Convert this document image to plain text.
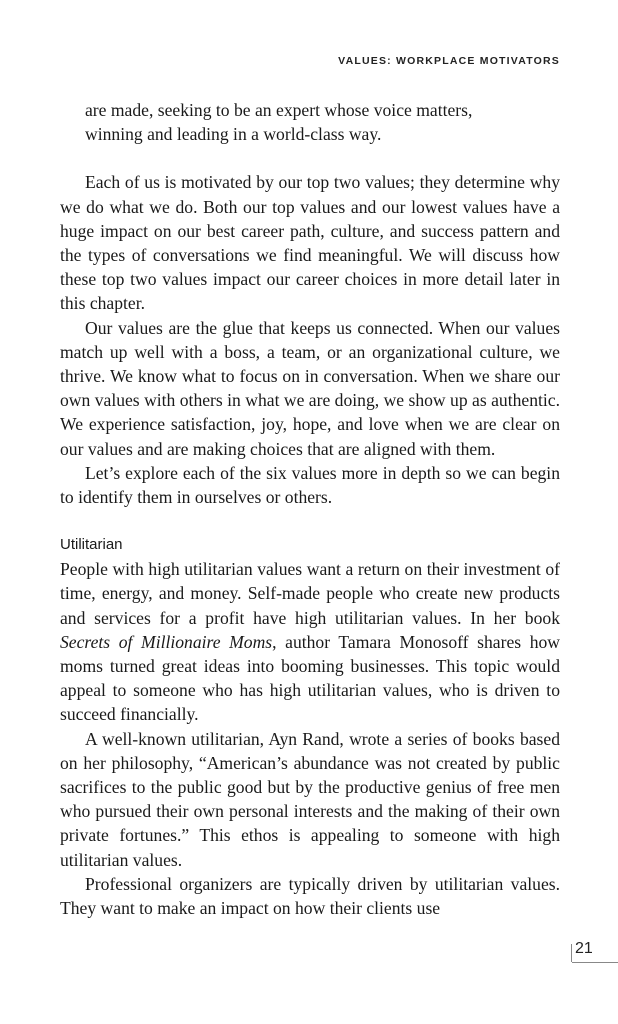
VALUES: WORKPLACE MOTIVATORS

are made, seeking to be an expert whose voice matters,

winning and leading in a world-class way.

Each of us is motivated by our top two values; they determine why we do what we do. Both our top values and our lowest values have a huge impact on our best career path, culture, and success pattern and the types of conversations we find meaningful. We will discuss how these top two values impact our career choices in more detail later in this chapter.

Our values are the glue that keeps us connected. When our values match up well with a boss, a team, or an organizational culture, we thrive. We know what to focus on in conversation. When we share our own values with others in what we are doing, we show up as authentic. We experience satisfaction, joy, hope, and love when we are clear on our values and are making choices that are aligned with them.

Let’s explore each of the six values more in depth so we can begin to identify them in ourselves or others.

Utilitarian

People with high utilitarian values want a return on their investment of time, energy, and money. Self-made people who create new products and services for a profit have high utilitarian values. In her book Secrets of Millionaire Moms, author Tamara Monosoff shares how moms turned great ideas into booming businesses. This topic would appeal to someone who has high utilitarian values, who is driven to succeed financially.

A well-known utilitarian, Ayn Rand, wrote a series of books based on her philosophy, “American’s abundance was not created by public sacrifices to the public good but by the productive genius of free men who pursued their own personal interests and the making of their own private fortunes.” This ethos is appealing to someone with high utilitarian values.

Professional organizers are typically driven by utilitarian values. They want to make an impact on how their clients use

21
